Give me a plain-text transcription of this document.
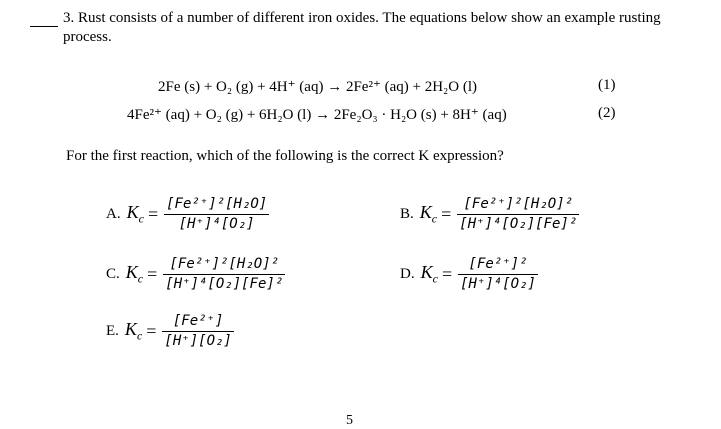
3. Rust consists of a number of different iron oxides. The equations below show an example rusting process.
2Fe (s) + O₂ (g) + 4H⁺ (aq) → 2Fe²⁺ (aq) + 2H₂O (l)	(1)
4Fe²⁺ (aq) + O₂ (g) + 6H₂O (l) → 2Fe₂O₃ · H₂O (s) + 8H⁺ (aq)	(2)
For the first reaction, which of the following is the correct K expression?
A. $K_c = \frac{\text{[Fe²⁺]²[H₂O]}}{\text{[H⁺]⁴[O₂]}}$	B. $K_c = \frac{\text{[Fe²⁺]²[H₂O]²}}{\text{[H⁺]⁴[O₂][Fe]²}}$
C. $K_c = \frac{\text{[Fe²⁺]²[H₂O]²}}{\text{[H⁺]⁴[O₂][Fe]²}}$	D. $K_c = \frac{\text{[Fe²⁺]²}}{\text{[H⁺]⁴[O₂]}}$
E. $K_c = \frac{\text{[Fe²⁺]}}{\text{[H⁺][O₂]}}$
5
